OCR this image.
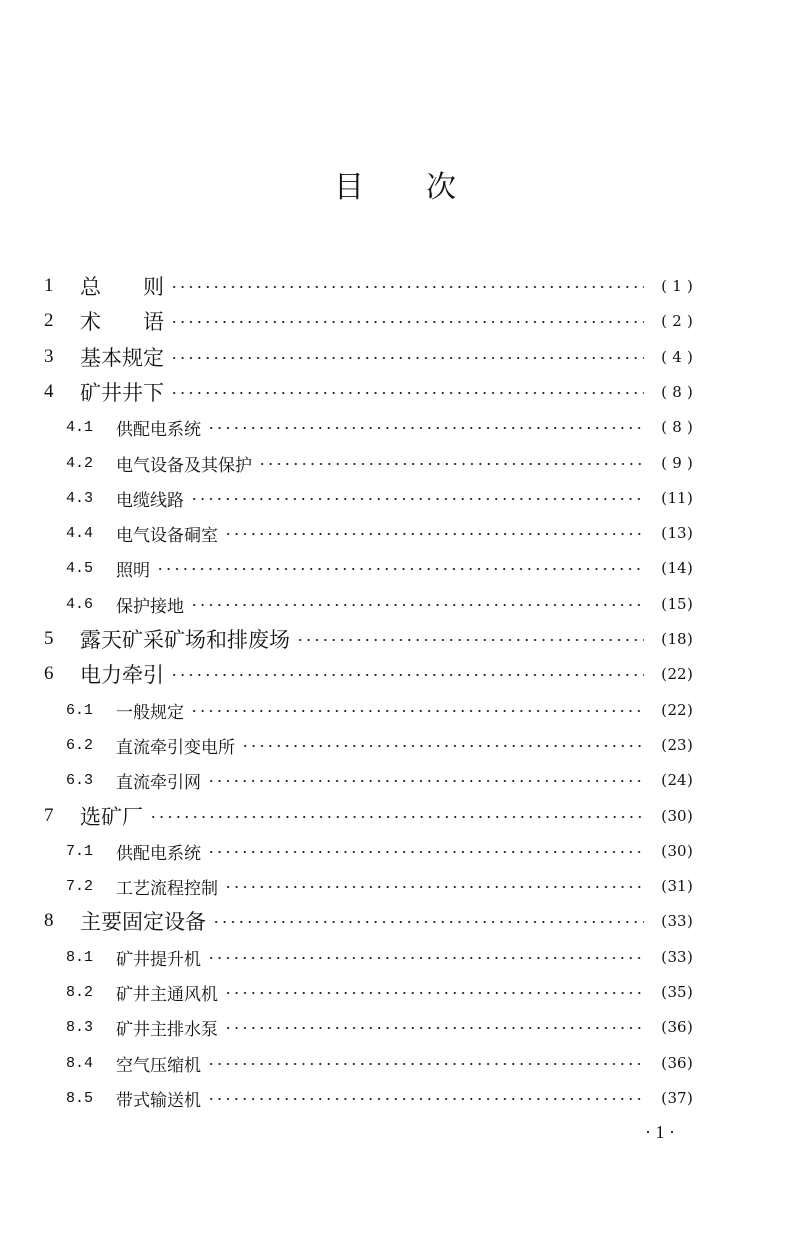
目 次
1	总　　则	( 1 )
2	术　　语	( 2 )
3	基本规定	( 4 )
4	矿井井下	( 8 )
4.1	供配电系统	( 8 )
4.2	电气设备及其保护	( 9 )
4.3	电缆线路	(11)
4.4	电气设备硐室	(13)
4.5	照明	(14)
4.6	保护接地	(15)
5	露天矿采矿场和排废场	(18)
6	电力牵引	(22)
6.1	一般规定	(22)
6.2	直流牵引变电所	(23)
6.3	直流牵引网	(24)
7	选矿厂	(30)
7.1	供配电系统	(30)
7.2	工艺流程控制	(31)
8	主要固定设备	(33)
8.1	矿井提升机	(33)
8.2	矿井主通风机	(35)
8.3	矿井主排水泵	(36)
8.4	空气压缩机	(36)
8.5	带式输送机	(37)
· 1 ·
